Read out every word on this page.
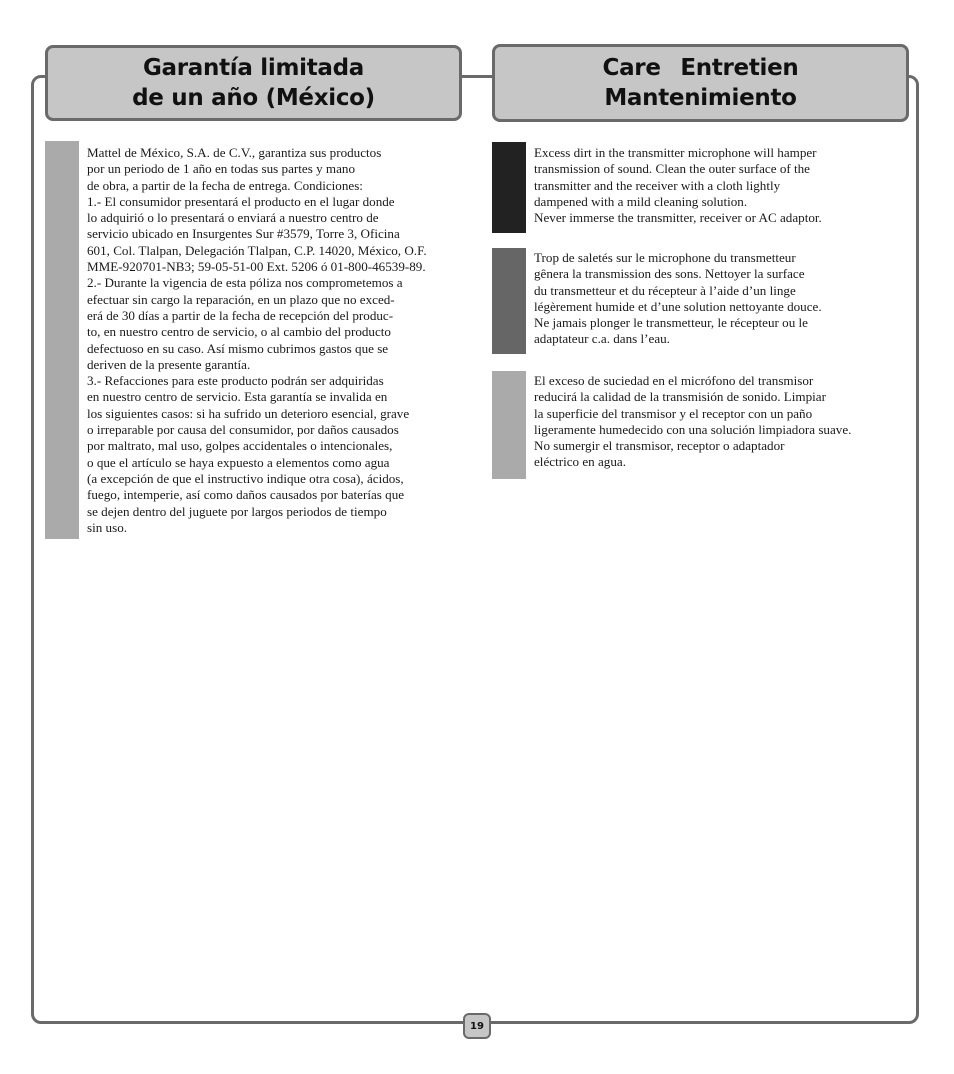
Garantía limitada
de un año (México)
Care Entretien
Mantenimiento
Mattel de México, S.A. de C.V., garantiza sus productos
por un periodo de 1 año en todas sus partes y mano
de obra, a partir de la fecha de entrega. Condiciones:
1.- El consumidor presentará el producto en el lugar donde
lo adquirió o lo presentará o enviará a nuestro centro de
servicio ubicado en Insurgentes Sur #3579, Torre 3, Oficina
601, Col. Tlalpan, Delegación Tlalpan, C.P. 14020, México, O.F.
MME-920701-NB3; 59-05-51-00 Ext. 5206 ó 01-800-46539-89.
2.- Durante la vigencia de esta póliza nos comprometemos a
efectuar sin cargo la reparación, en un plazo que no exced-
erá de 30 días a partir de la fecha de recepción del produc-
to, en nuestro centro de servicio, o al cambio del producto
defectuoso en su caso. Así mismo cubrimos gastos que se
deriven de la presente garantía.
3.- Refacciones para este producto podrán ser adquiridas
en nuestro centro de servicio. Esta garantía se invalida en
los siguientes casos: si ha sufrido un deterioro esencial, grave
o irreparable por causa del consumidor, por daños causados
por maltrato, mal uso, golpes accidentales o intencionales,
o que el artículo se haya expuesto a elementos como agua
(a excepción de que el instructivo indique otra cosa), ácidos,
fuego, intemperie, así como daños causados por baterías que
se dejen dentro del juguete por largos periodos de tiempo
sin uso.
Excess dirt in the transmitter microphone will hamper
transmission of sound. Clean the outer surface of the
transmitter and the receiver with a cloth lightly
dampened with a mild cleaning solution.
Never immerse the transmitter, receiver or AC adaptor.
Trop de saletés sur le microphone du transmetteur
gênera la transmission des sons. Nettoyer la surface
du transmetteur et du récepteur à l’aide d’un linge
légèrement humide et d’une solution nettoyante douce.
Ne jamais plonger le transmetteur, le récepteur ou le
adaptateur c.a. dans l’eau.
El exceso de suciedad en el micrófono del transmisor
reducirá la calidad de la transmisión de sonido. Limpiar
la superficie del transmisor y el receptor con un paño
ligeramente humedecido con una solución limpiadora suave.
No sumergir el transmisor, receptor o adaptador
eléctrico en agua.
19
